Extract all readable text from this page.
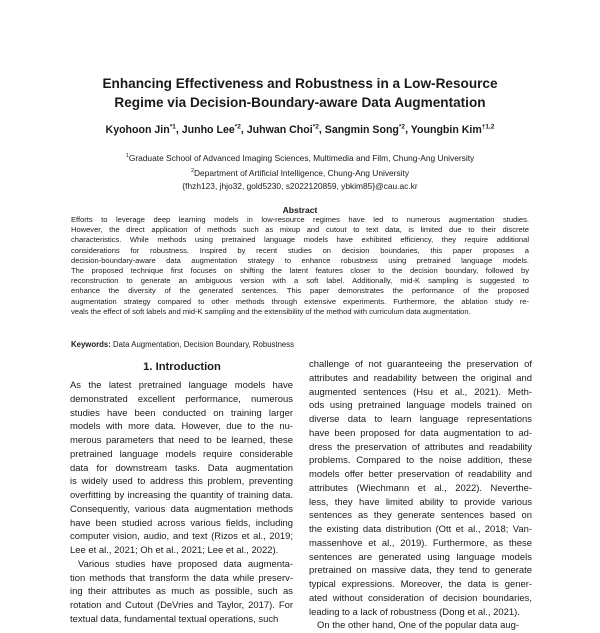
Enhancing Effectiveness and Robustness in a Low-Resource
Regime via Decision-Boundary-aware Data Augmentation
Kyohoon Jin$^{*1}$, Junho Lee$^{*2}$, Juhwan Choi$^{*2}$, Sangmin Song$^{*2}$, Youngbin Kim$^{\dagger 1,2}$
$^1$Graduate School of Advanced Imaging Sciences, Multimedia and Film, Chung-Ang University
$^2$Department of Artificial Intelligence, Chung-Ang University
{fhzh123, jhjo32, gold5230, s2022120859, ybkim85}@cau.ac.kr
Abstract
Efforts to leverage deep learning models in low-resource regimes have led to numerous augmentation studies.
However, the direct application of methods such as mixup and cutout to text data, is limited due to their discrete
characteristics. While methods using pretrained language models have exhibited efficiency, they require additional
considerations for robustness. Inspired by recent studies on decision boundaries, this paper proposes a
decision-boundary-aware data augmentation strategy to enhance robustness using pretrained language models.
The proposed technique first focuses on shifting the latent features closer to the decision boundary, followed by
reconstruction to generate an ambiguous version with a soft label. Additionally, mid-K sampling is suggested to
enhance the diversity of the generated sentences. This paper demonstrates the performance of the proposed
augmentation strategy compared to other methods through extensive experiments. Furthermore, the ablation study re-
veals the effect of soft labels and mid-K sampling and the extensibility of the method with curriculum data augmentation.
Keywords: Data Augmentation, Decision Boundary, Robustness
1. Introduction
As the latest pretrained language models have
demonstrated excellent performance, numerous
studies have been conducted on training larger
models with more data. However, due to the nu-
merous parameters that need to be learned, these
pretrained language models require considerable
data for downstream tasks. Data augmentation
is widely used to address this problem, preventing
overfitting by increasing the quantity of training data.
Consequently, various data augmentation methods
have been studied across various fields, including
computer vision, audio, and text (Rizos et al., 2019;
Lee et al., 2021; Oh et al., 2021; Lee et al., 2022).
Various studies have proposed data augmenta-
tion methods that transform the data while preserv-
ing their attributes as much as possible, such as
rotation and Cutout (DeVries and Taylor, 2017). For
textual data, fundamental textual operations, such
challenge of not guaranteeing the preservation of
attributes and readability between the original and
augmented sentences (Hsu et al., 2021). Meth-
ods using pretrained language models trained on
diverse data to learn language representations
have been proposed for data augmentation to ad-
dress the preservation of attributes and readability
problems. Compared to the noise addition, these
models offer better preservation of readability and
attributes (Wiechmann et al., 2022). Neverthe-
less, they have limited ability to provide various
sentences as they generate sentences based on
the existing data distribution (Ott et al., 2018; Van-
massenhove et al., 2019). Furthermore, as these
sentences are generated using language models
pretrained on massive data, they tend to generate
typical expressions. Moreover, the data is gener-
ated without consideration of decision boundaries,
leading to a lack of robustness (Dong et al., 2021).
On the other hand, One of the popular data aug-
